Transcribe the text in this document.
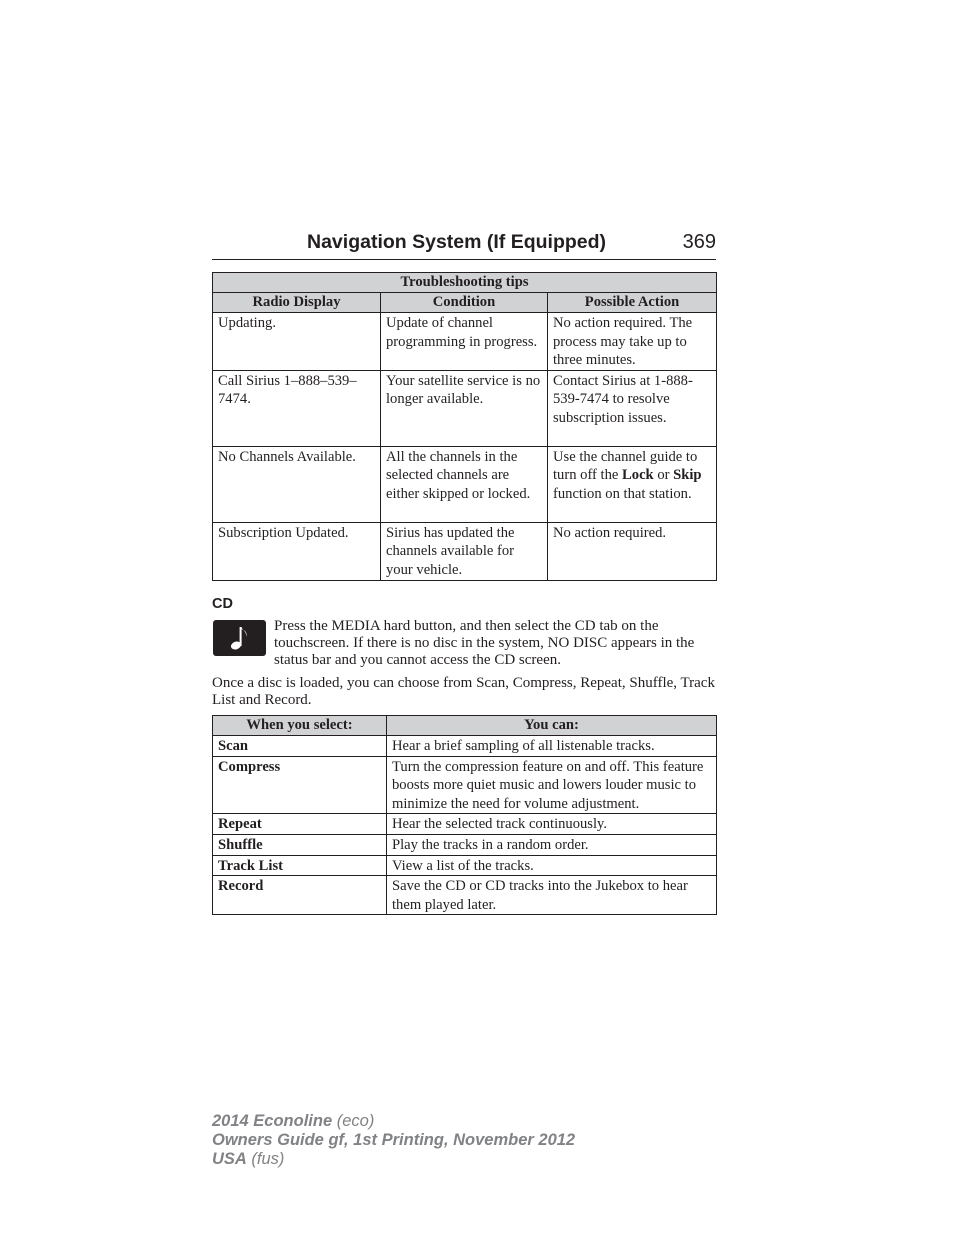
Navigation System (If Equipped)	369
Troubleshooting tips		
Radio Display	Condition	Possible Action
Updating.	Update of channel programming in progress.	No action required. The process may take up to three minutes.
Call Sirius 1–888–539–7474.	Your satellite service is no longer available.	Contact Sirius at 1-888-539-7474 to resolve subscription issues.
No Channels Available.	All the channels in the selected channels are either skipped or locked.	Use the channel guide to turn off the Lock or Skip function on that station.
Subscription Updated.	Sirius has updated the channels available for your vehicle.	No action required.
CD
Press the MEDIA hard button, and then select the CD tab on the touchscreen. If there is no disc in the system, NO DISC appears in the status bar and you cannot access the CD screen.
Once a disc is loaded, you can choose from Scan, Compress, Repeat, Shuffle, Track List and Record.
When you select:	You can:
Scan	Hear a brief sampling of all listenable tracks.
Compress	Turn the compression feature on and off. This feature boosts more quiet music and lowers louder music to minimize the need for volume adjustment.
Repeat	Hear the selected track continuously.
Shuffle	Play the tracks in a random order.
Track List	View a list of the tracks.
Record	Save the CD or CD tracks into the Jukebox to hear them played later.
2014 Econoline (eco)
Owners Guide gf, 1st Printing, November 2012
USA (fus)
